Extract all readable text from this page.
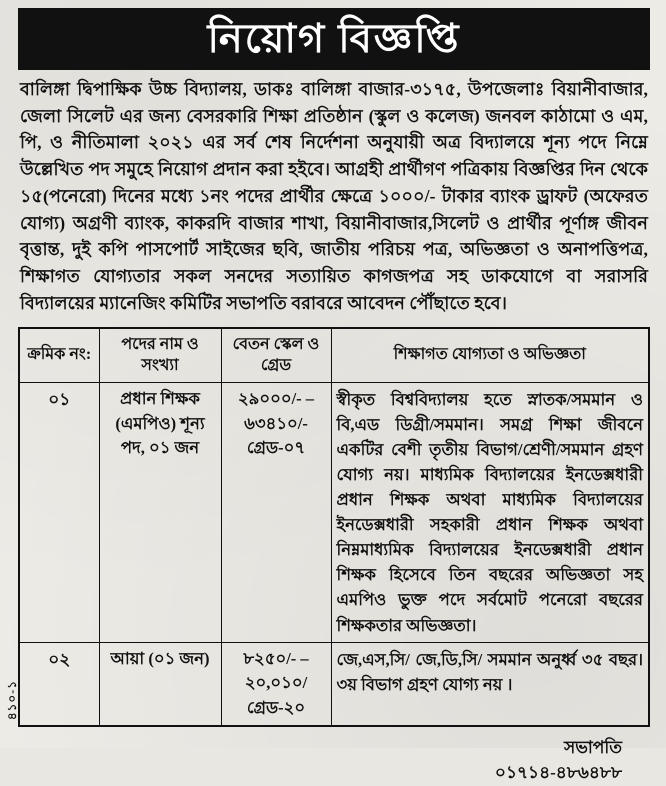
নিয়োগ বিজ্ঞপ্তি

বালিঙ্গা দ্বিপাক্ষিক উচ্চ বিদ্যালয়, ডাকঃ বালিঙ্গা বাজার-৩১৭৫, উপজেলাঃ বিয়ানীবাজার, জেলা সিলেট এর জন্য বেসরকারি শিক্ষা প্রতিষ্ঠান (স্কুল ও কলেজ) জনবল কাঠামো ও এম, পি, ও নীতিমালা ২০২১ এর সর্ব শেষ নির্দেশনা অনুযায়ী অত্র বিদ্যালয়ে শূন্য পদে নিম্নে উল্লেখিত পদ সমুহে নিয়োগ প্রদান করা হইবে। আগ্রহী প্রার্থীগণ পত্রিকায় বিজ্ঞপ্তির দিন থেকে ১৫(পনেরো) দিনের মধ্যে ১নং পদের প্রার্থীর ক্ষেত্রে ১০০০/- টাকার ব্যাংক ড্রাফট (অফেরত যোগ্য) অগ্রণী ব্যাংক, কাকরদি বাজার শাখা, বিয়ানীবাজার,সিলেট ও প্রার্থীর পূর্ণাঙ্গ জীবন বৃত্তান্ত, দুই কপি পাসপোর্ট সাইজের ছবি, জাতীয় পরিচয় পত্র, অভিজ্ঞতা ও অনাপত্তিপত্র, শিক্ষাগত যোগ্যতার সকল সনদের সত্যায়িত কাগজপত্র সহ ডাকযোগে বা সরাসরি বিদ্যালয়ের ম্যানেজিং কমিটির সভাপতি বরাবরে আবেদন পৌঁছাতে হবে।

ক্রমিক নং:	পদের নাম ও সংখ্যা	বেতন স্কেল ও গ্রেড	শিক্ষাগত যোগ্যতা ও অভিজ্ঞতা
০১	প্রধান শিক্ষক (এমপিও) শূন্য পদ, ০১ জন	২৯০০০/- – ৬৩৪১০/- গ্রেড-০৭	স্বীকৃত বিশ্ববিদ্যালয় হতে স্নাতক/সমমান ও বি,এড ডিগ্রী/সমমান। সমগ্র শিক্ষা জীবনে একটির বেশী তৃতীয় বিভাগ/শ্রেণী/সমমান গ্রহণ যোগ্য নয়। মাধ্যমিক বিদ্যালয়ের ইনডেক্সধারী প্রধান শিক্ষক অথবা মাধ্যমিক বিদ্যালয়ের ইনডেক্সধারী সহকারী প্রধান শিক্ষক অথবা নিম্নমাধ্যমিক বিদ্যালয়ের ইনডেক্সধারী প্রধান শিক্ষক হিসেবে তিন বছরের অভিজ্ঞতা সহ এমপিও ভুক্ত পদে সর্বমোট পনেরো বছরের শিক্ষকতার অভিজ্ঞতা।
০২	আয়া (০১ জন)	৮২৫০/- – ২০,০১০/ গ্রেড-২০	জে,এস,সি/ জে,ডি,সি/ সমমান অনুর্ধ্ব ৩৫ বছর। ৩য় বিভাগ গ্রহণ যোগ্য নয় ।
সভাপতি
০১৭১৪-৪৮৬৪৮৮
৪১০-১
